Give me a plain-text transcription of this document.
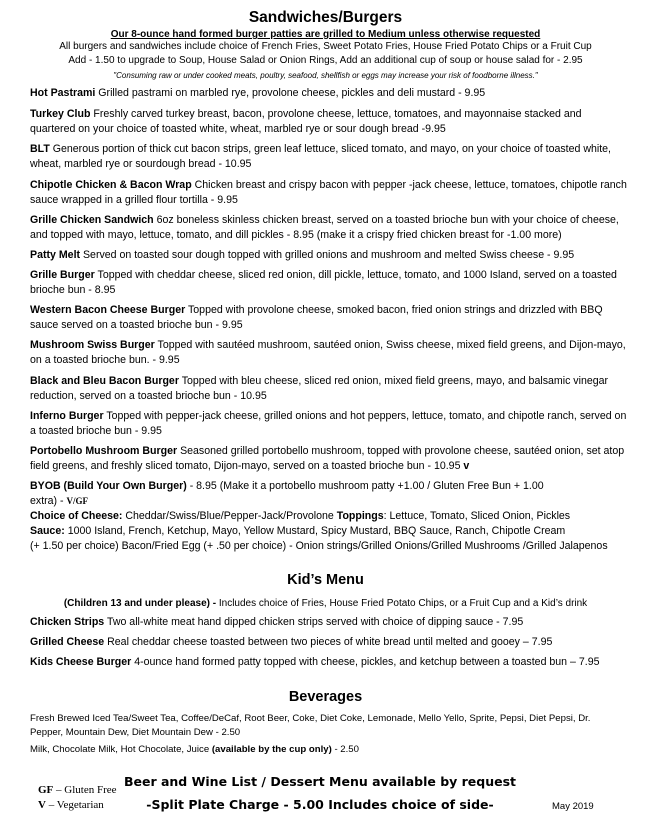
Sandwiches/Burgers
Our 8-ounce hand formed burger patties are grilled to Medium unless otherwise requested
All burgers and sandwiches include choice of French Fries, Sweet Potato Fries, House Fried Potato Chips or a Fruit Cup
Add - 1.50 to upgrade to Soup, House Salad or Onion Rings, Add an additional cup of soup or house salad for - 2.95
"Consuming raw or under cooked meats, poultry, seafood, shellfish or eggs may increase your risk of foodborne illness."
Hot Pastrami Grilled pastrami on marbled rye, provolone cheese, pickles and deli mustard - 9.95
Turkey Club Freshly carved turkey breast, bacon, provolone cheese, lettuce, tomatoes, and mayonnaise stacked and quartered on your choice of toasted white, wheat, marbled rye or sour dough bread -9.95
BLT Generous portion of thick cut bacon strips, green leaf lettuce, sliced tomato, and mayo, on your choice of toasted white, wheat, marbled rye or sourdough bread - 10.95
Chipotle Chicken & Bacon Wrap Chicken breast and crispy bacon with pepper -jack cheese, lettuce, tomatoes, chipotle ranch sauce wrapped in a grilled flour tortilla - 9.95
Grille Chicken Sandwich 6oz boneless skinless chicken breast, served on a toasted brioche bun with your choice of cheese, and topped with mayo, lettuce, tomato, and dill pickles - 8.95 (make it a crispy fried chicken breast for -1.00 more)
Patty Melt Served on toasted sour dough topped with grilled onions and mushroom and melted Swiss cheese - 9.95
Grille Burger Topped with cheddar cheese, sliced red onion, dill pickle, lettuce, tomato, and 1000 Island, served on a toasted brioche bun - 8.95
Western Bacon Cheese Burger Topped with provolone cheese, smoked bacon, fried onion strings and drizzled with BBQ sauce served on a toasted brioche bun - 9.95
Mushroom Swiss Burger Topped with sautéed mushroom, sautéed onion, Swiss cheese, mixed field greens, and Dijon-mayo, on a toasted brioche bun. - 9.95
Black and Bleu Bacon Burger Topped with bleu cheese, sliced red onion, mixed field greens, mayo, and balsamic vinegar reduction, served on a toasted brioche bun - 10.95
Inferno Burger Topped with pepper-jack cheese, grilled onions and hot peppers, lettuce, tomato, and chipotle ranch, served on a toasted brioche bun - 9.95
Portobello Mushroom Burger Seasoned grilled portobello mushroom, topped with provolone cheese, sautéed onion, set atop field greens, and freshly sliced tomato, Dijon-mayo, served on a toasted brioche bun - 10.95 v
BYOB (Build Your Own Burger) - 8.95 (Make it a portobello mushroom patty +1.00 / Gluten Free Bun + 1.00 extra) - V/GF
Choice of Cheese: Cheddar/Swiss/Blue/Pepper-Jack/Provolone Toppings: Lettuce, Tomato, Sliced Onion, Pickles
Sauce: 1000 Island, French, Ketchup, Mayo, Yellow Mustard, Spicy Mustard, BBQ Sauce, Ranch, Chipotle Cream
(+ 1.50 per choice) Bacon/Fried Egg (+ .50 per choice) - Onion strings/Grilled Onions/Grilled Mushrooms /Grilled Jalapenos
Kid’s Menu
(Children 13 and under please) - Includes choice of Fries, House Fried Potato Chips, or a Fruit Cup and a Kid’s drink
Chicken Strips Two all-white meat hand dipped chicken strips served with choice of dipping sauce - 7.95
Grilled Cheese Real cheddar cheese toasted between two pieces of white bread until melted and gooey – 7.95
Kids Cheese Burger 4-ounce hand formed patty topped with cheese, pickles, and ketchup between a toasted bun – 7.95
Beverages
Fresh Brewed Iced Tea/Sweet Tea, Coffee/DeCaf, Root Beer, Coke, Diet Coke, Lemonade, Mello Yello, Sprite, Pepsi, Diet Pepsi, Dr. Pepper, Mountain Dew, Diet Mountain Dew - 2.50
Milk, Chocolate Milk, Hot Chocolate, Juice (available by the cup only) - 2.50
GF – Gluten Free
V – Vegetarian
Beer and Wine List / Dessert Menu available by request
-Split Plate Charge - 5.00 Includes choice of side-	May 2019
